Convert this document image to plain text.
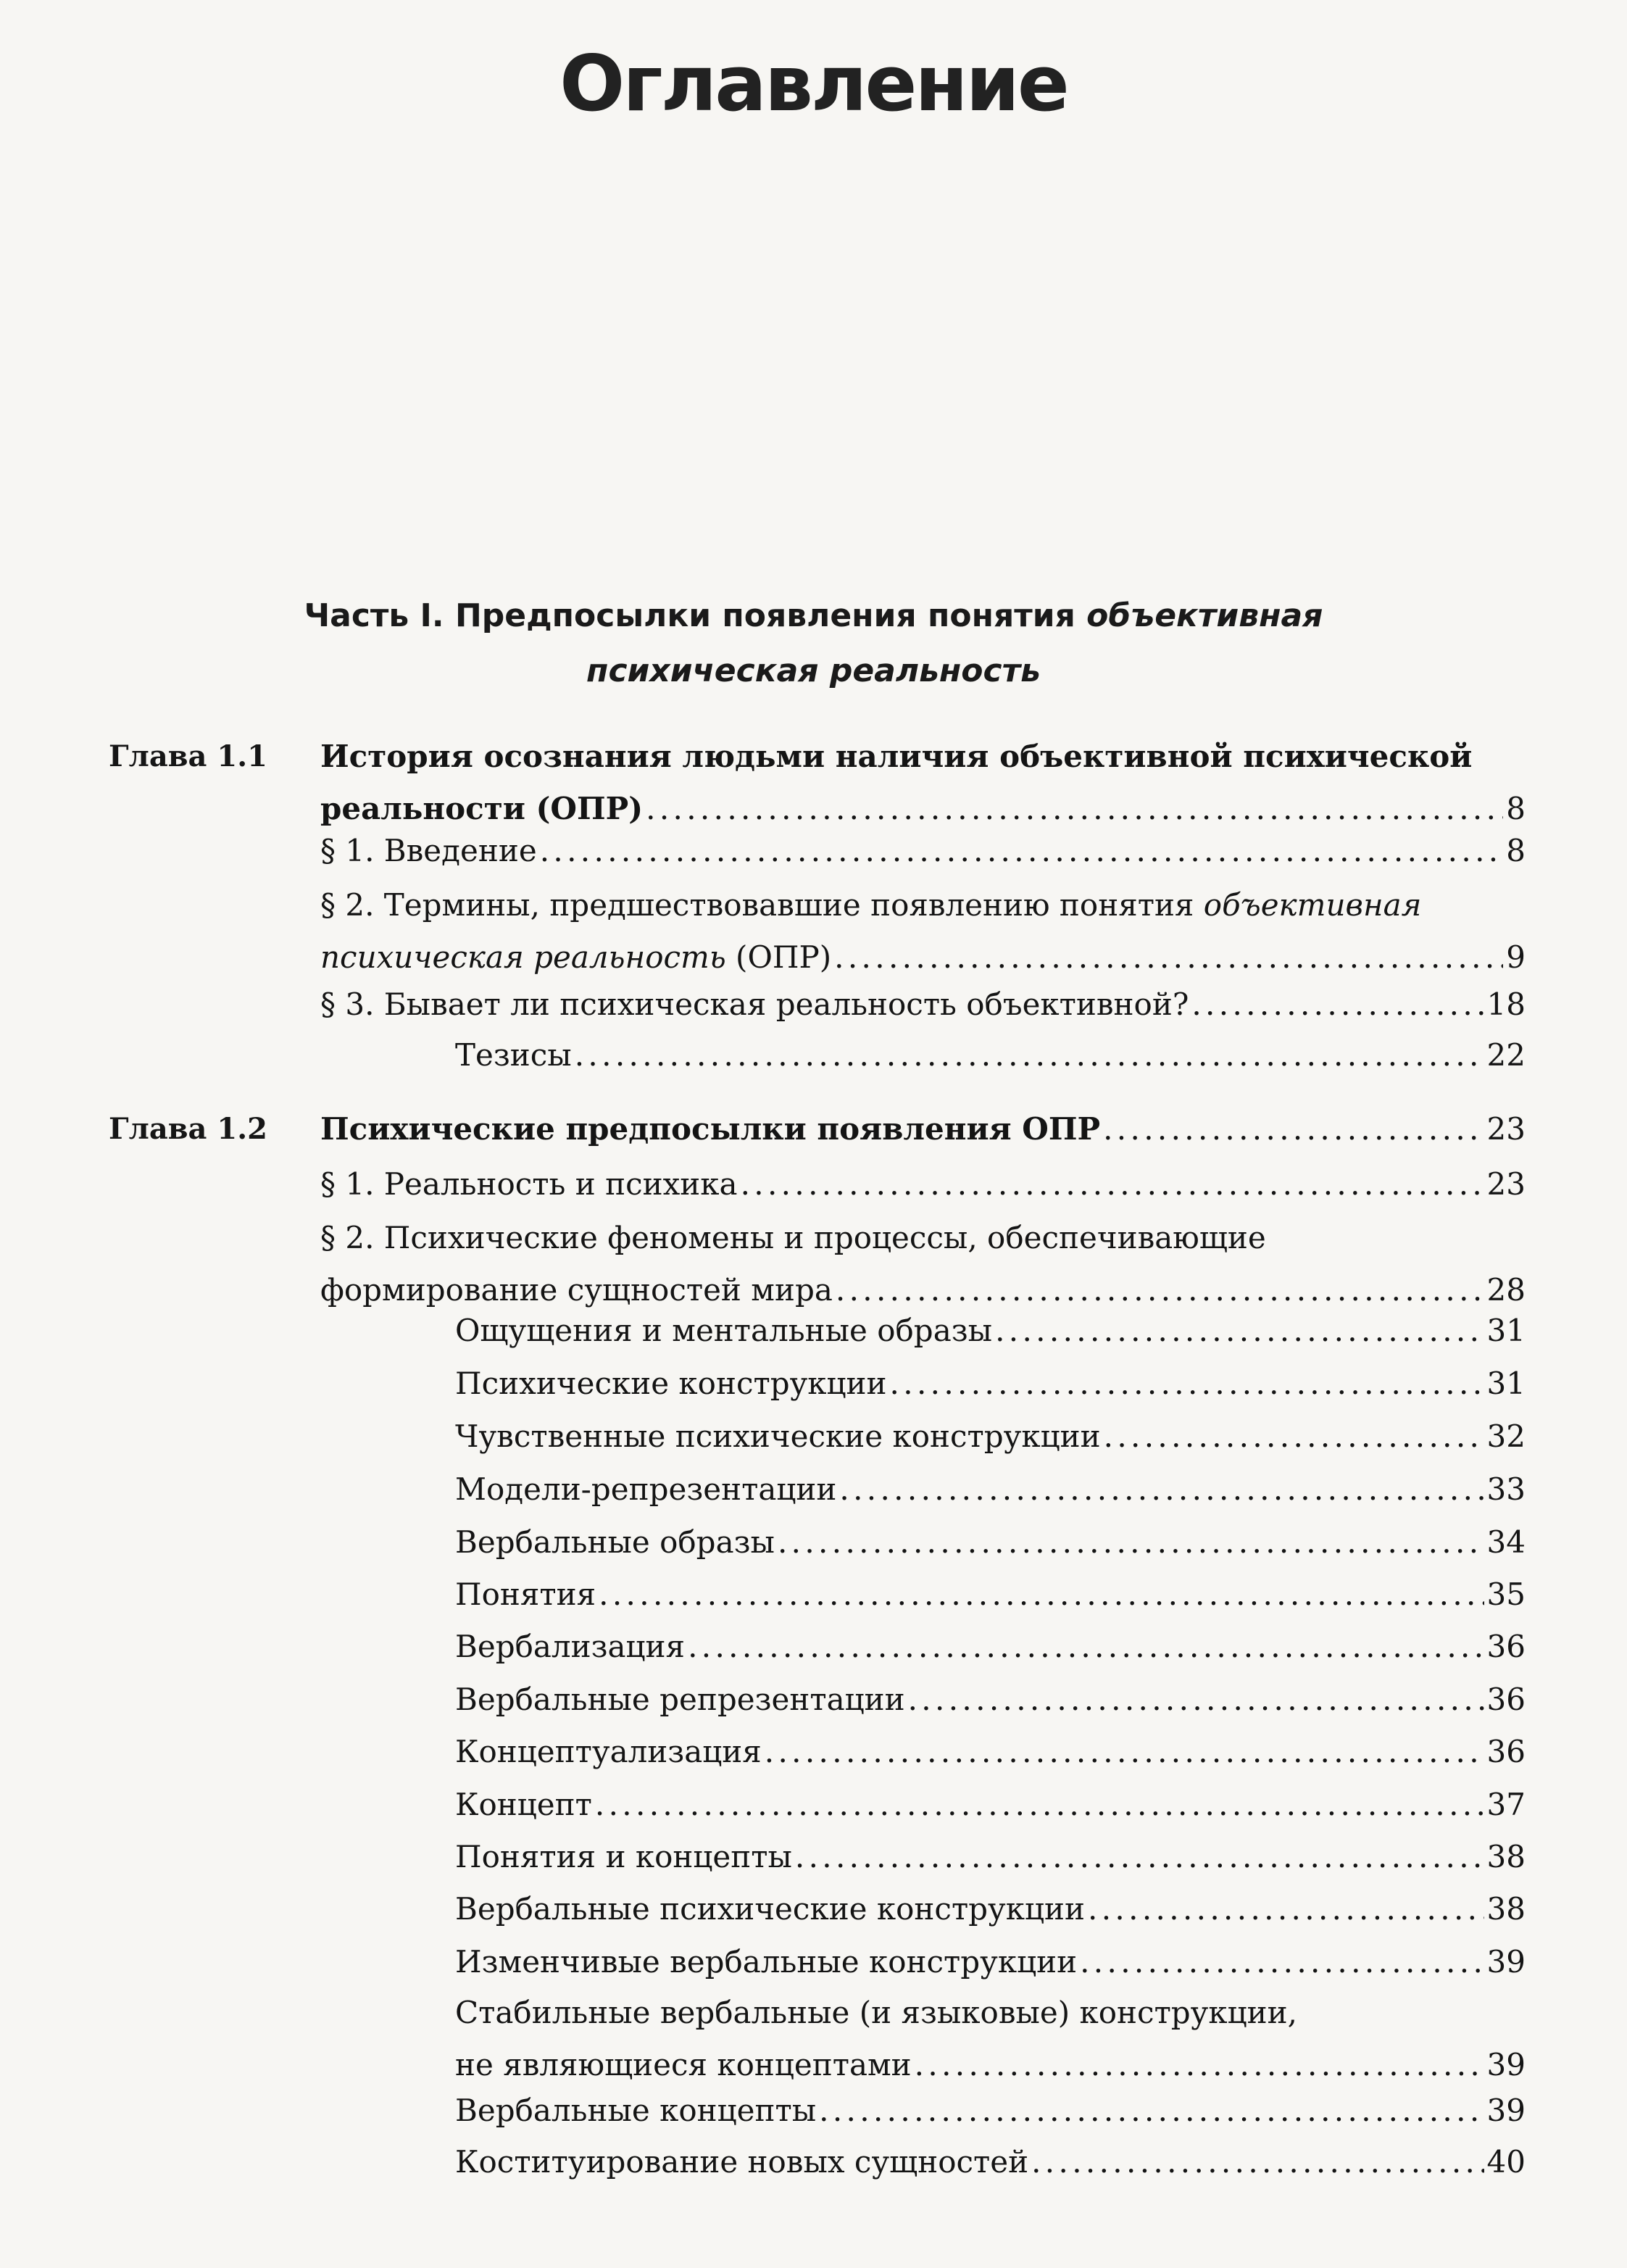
Оглавление
Часть I. Предпосылки появления понятия объективная
психическая реальность
Глава 1.1 История осознания людьми наличия объективной психической
реальности (ОПР) . . .	8
§ 1. Введение . . .	8
§ 2. Термины, предшествовавшие появлению понятия объективная
психическая реальность (ОПР) . . .	9
§ 3. Бывает ли психическая реальность объективной? . . .	18
Тезисы . . .	22
Глава 1.2 Психические предпосылки появления ОПР . . .	23
§ 1. Реальность и психика . . .	23
§ 2. Психические феномены и процессы, обеспечивающие
формирование сущностей мира . . .	28
Ощущения и ментальные образы . . .	31
Психические конструкции . . .	31
Чувственные психические конструкции . . .	32
Модели-репрезентации . . .	33
Вербальные образы . . .	34
Понятия . . .	35
Вербализация . . .	36
Вербальные репрезентации . . .	36
Концептуализация . . .	36
Концепт . . .	37
Понятия и концепты . . .	38
Вербальные психические конструкции . . .	38
Изменчивые вербальные конструкции . . .	39
Стабильные вербальные (и языковые) конструкции,
не являющиеся концептами . . .	39
Вербальные концепты . . .	39
Коституирование новых сущностей . . .	40
